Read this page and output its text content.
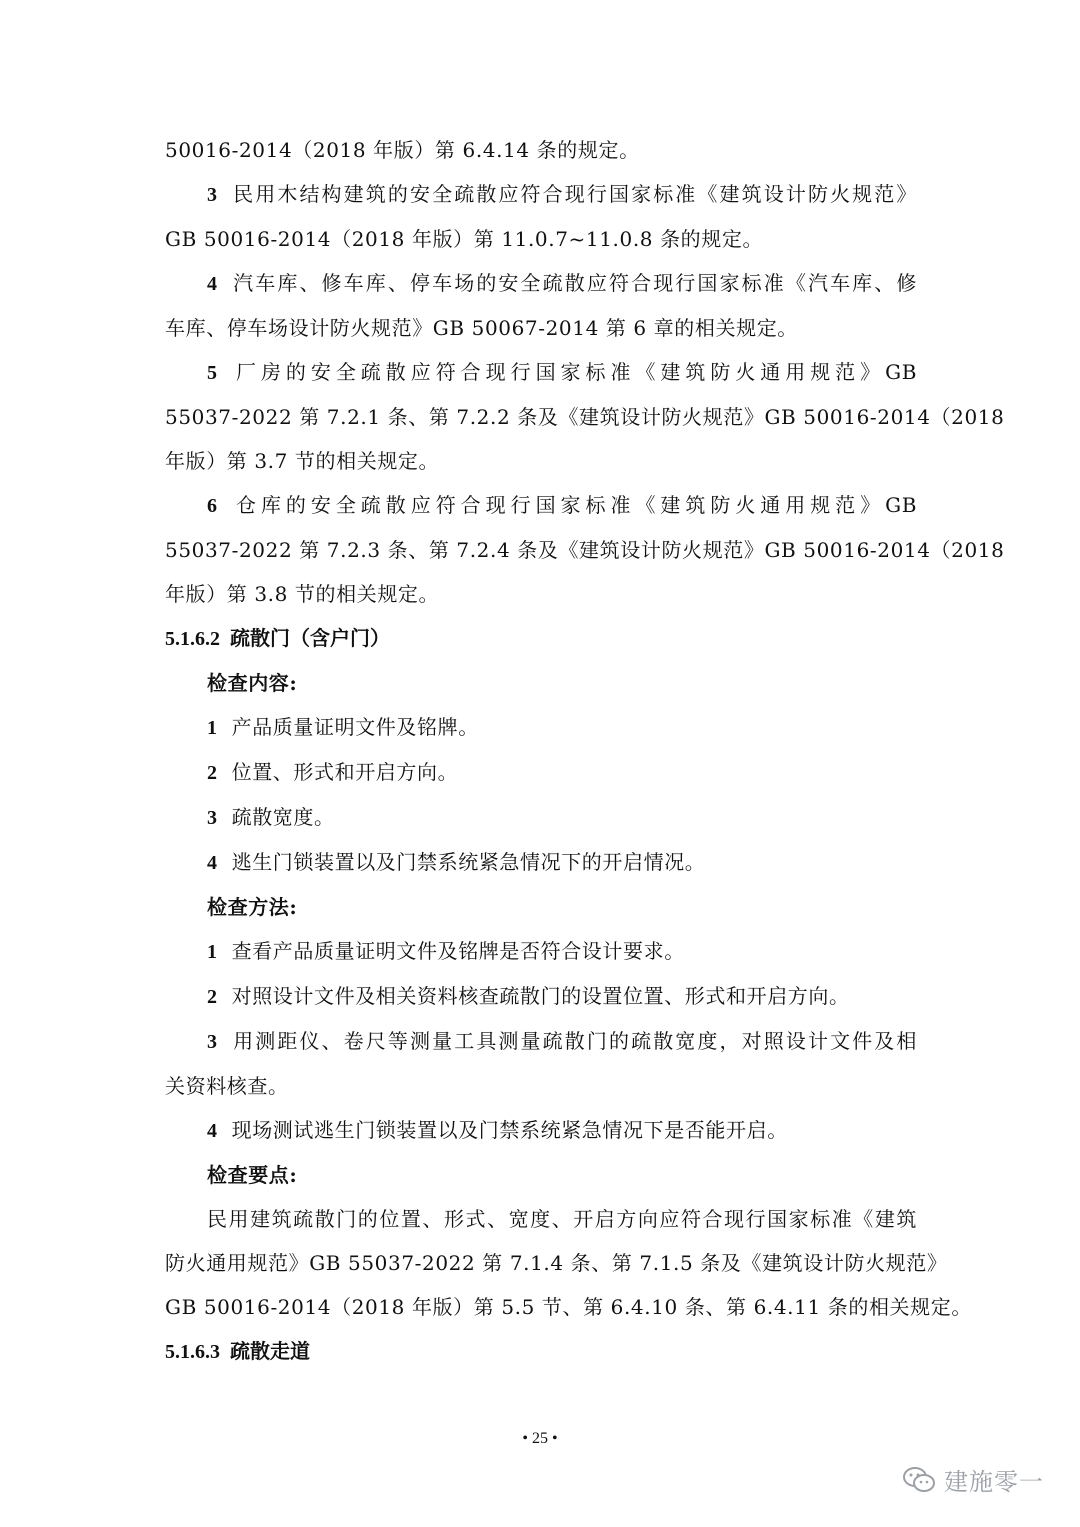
50016-2014（2018 年版）第 6.4.14 条的规定。

3 民用木结构建筑的安全疏散应符合现行国家标准《建筑设计防火规范》

GB 50016-2014（2018 年版）第 11.0.7~11.0.8 条的规定。

4 汽车库、修车库、停车场的安全疏散应符合现行国家标准《汽车库、修

车库、停车场设计防火规范》GB 50067-2014 第 6 章的相关规定。

5 厂房的安全疏散应符合现行国家标准《建筑防火通用规范》GB

55037-2022 第 7.2.1 条、第 7.2.2 条及《建筑设计防火规范》GB 50016-2014（2018

年版）第 3.7 节的相关规定。

6 仓库的安全疏散应符合现行国家标准《建筑防火通用规范》GB

55037-2022 第 7.2.3 条、第 7.2.4 条及《建筑设计防火规范》GB 50016-2014（2018

年版）第 3.8 节的相关规定。

5.1.6.2 疏散门（含户门）

检查内容:

1 产品质量证明文件及铭牌。

2 位置、形式和开启方向。

3 疏散宽度。

4 逃生门锁装置以及门禁系统紧急情况下的开启情况。

检查方法:

1 查看产品质量证明文件及铭牌是否符合设计要求。

2 对照设计文件及相关资料核查疏散门的设置位置、形式和开启方向。

3 用测距仪、卷尺等测量工具测量疏散门的疏散宽度，对照设计文件及相

关资料核查。

4 现场测试逃生门锁装置以及门禁系统紧急情况下是否能开启。

检查要点:

民用建筑疏散门的位置、形式、宽度、开启方向应符合现行国家标准《建筑

防火通用规范》GB 55037-2022 第 7.1.4 条、第 7.1.5 条及《建筑设计防火规范》

GB 50016-2014（2018 年版）第 5.5 节、第 6.4.10 条、第 6.4.11 条的相关规定。

5.1.6.3 疏散走道

• 25 •
建施零一
